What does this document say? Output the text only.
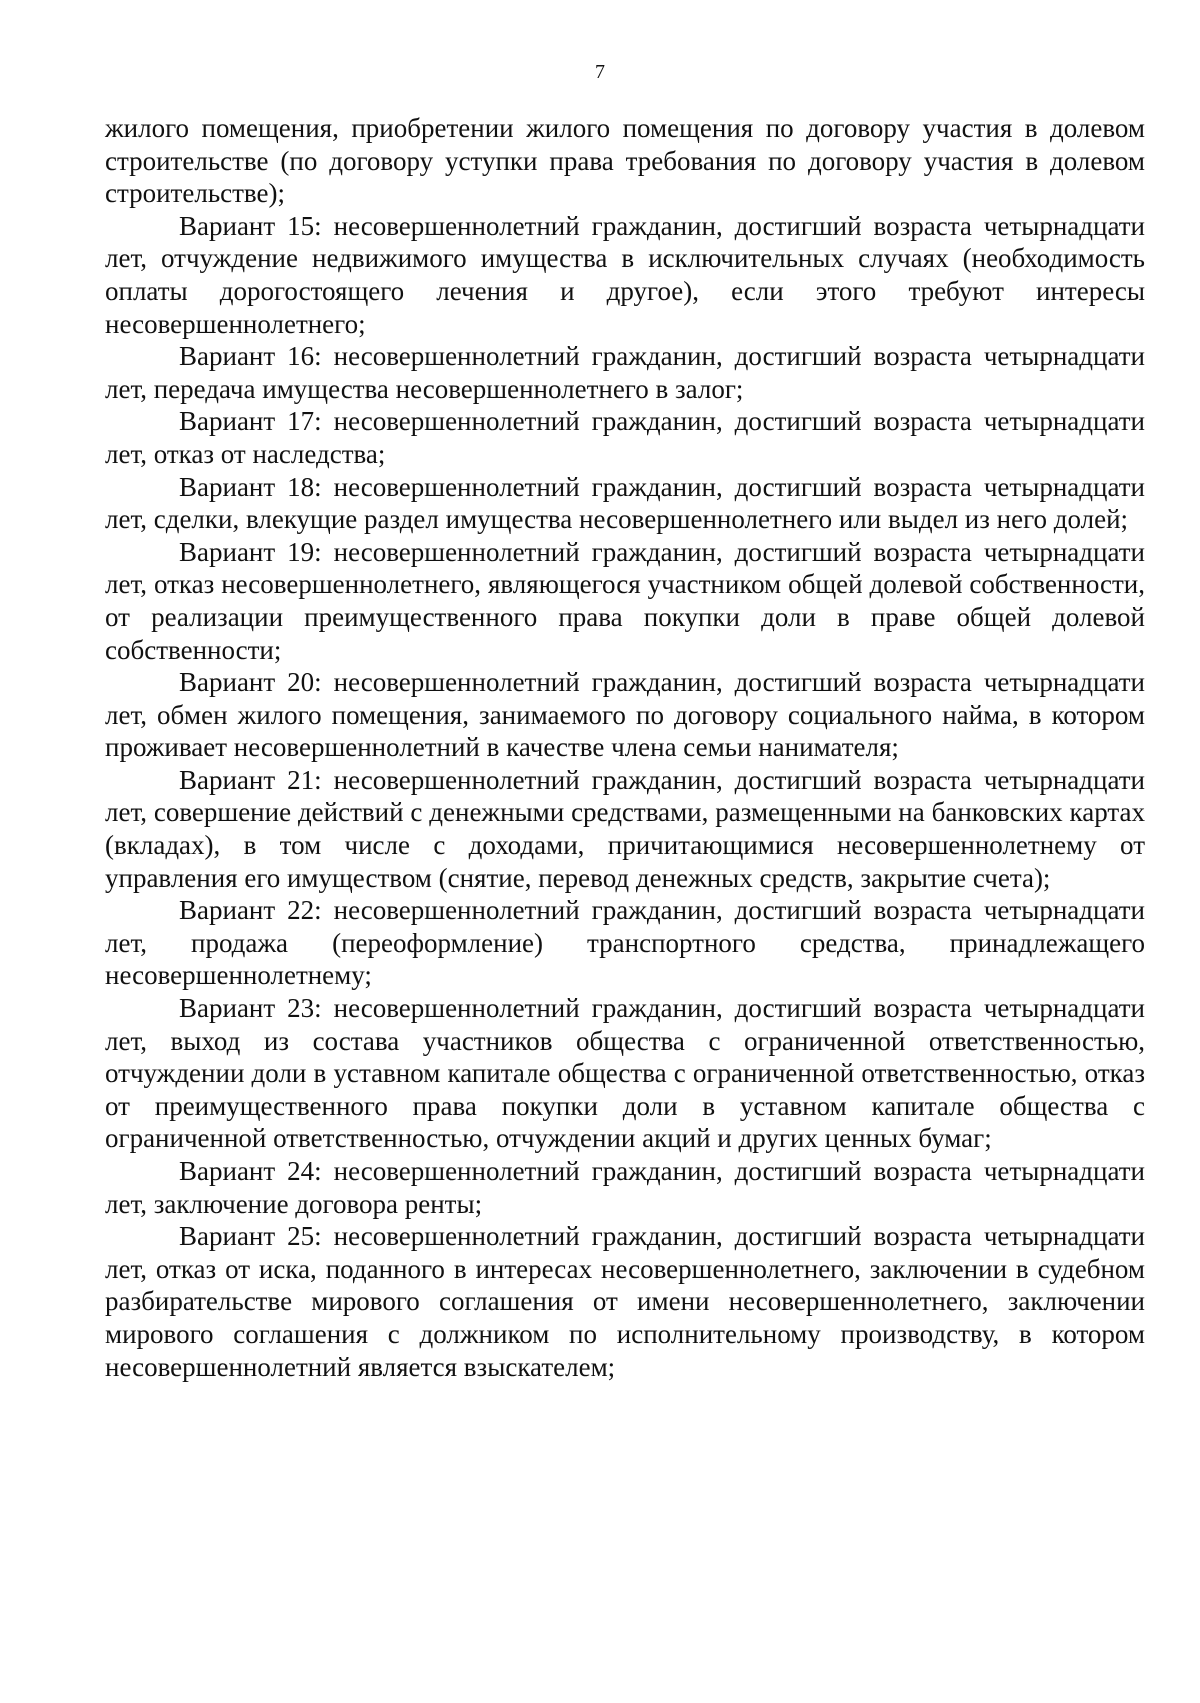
7

жилого помещения, приобретении жилого помещения по договору участия в долевом строительстве (по договору уступки права требования по договору участия в долевом строительстве);

Вариант 15: несовершеннолетний гражданин, достигший возраста четырнадцати лет, отчуждение недвижимого имущества в исключительных случаях (необходимость оплаты дорогостоящего лечения и другое), если этого требуют интересы несовершеннолетнего;

Вариант 16: несовершеннолетний гражданин, достигший возраста четырнадцати лет, передача имущества несовершеннолетнего в залог;

Вариант 17: несовершеннолетний гражданин, достигший возраста четырнадцати лет, отказ от наследства;

Вариант 18: несовершеннолетний гражданин, достигший возраста четырнадцати лет, сделки, влекущие раздел имущества несовершеннолетнего или выдел из него долей;

Вариант 19: несовершеннолетний гражданин, достигший возраста четырнадцати лет, отказ несовершеннолетнего, являющегося участником общей долевой собственности, от реализации преимущественного права покупки доли в праве общей долевой собственности;

Вариант 20: несовершеннолетний гражданин, достигший возраста четырнадцати лет, обмен жилого помещения, занимаемого по договору социального найма, в котором проживает несовершеннолетний в качестве члена семьи нанимателя;

Вариант 21: несовершеннолетний гражданин, достигший возраста четырнадцати лет, совершение действий с денежными средствами, размещенными на банковских картах (вкладах), в том числе с доходами, причитающимися несовершеннолетнему от управления его имуществом (снятие, перевод денежных средств, закрытие счета);

Вариант 22: несовершеннолетний гражданин, достигший возраста четырнадцати лет, продажа (переоформление) транспортного средства, принадлежащего несовершеннолетнему;

Вариант 23: несовершеннолетний гражданин, достигший возраста четырнадцати лет, выход из состава участников общества с ограниченной ответственностью, отчуждении доли в уставном капитале общества с ограниченной ответственностью, отказ от преимущественного права покупки доли в уставном капитале общества с ограниченной ответственностью, отчуждении акций и других ценных бумаг;

Вариант 24: несовершеннолетний гражданин, достигший возраста четырнадцати лет, заключение договора ренты;

Вариант 25: несовершеннолетний гражданин, достигший возраста четырнадцати лет, отказ от иска, поданного в интересах несовершеннолетнего, заключении в судебном разбирательстве мирового соглашения от имени несовершеннолетнего, заключении мирового соглашения с должником по исполнительному производству, в котором несовершеннолетний является взыскателем;
